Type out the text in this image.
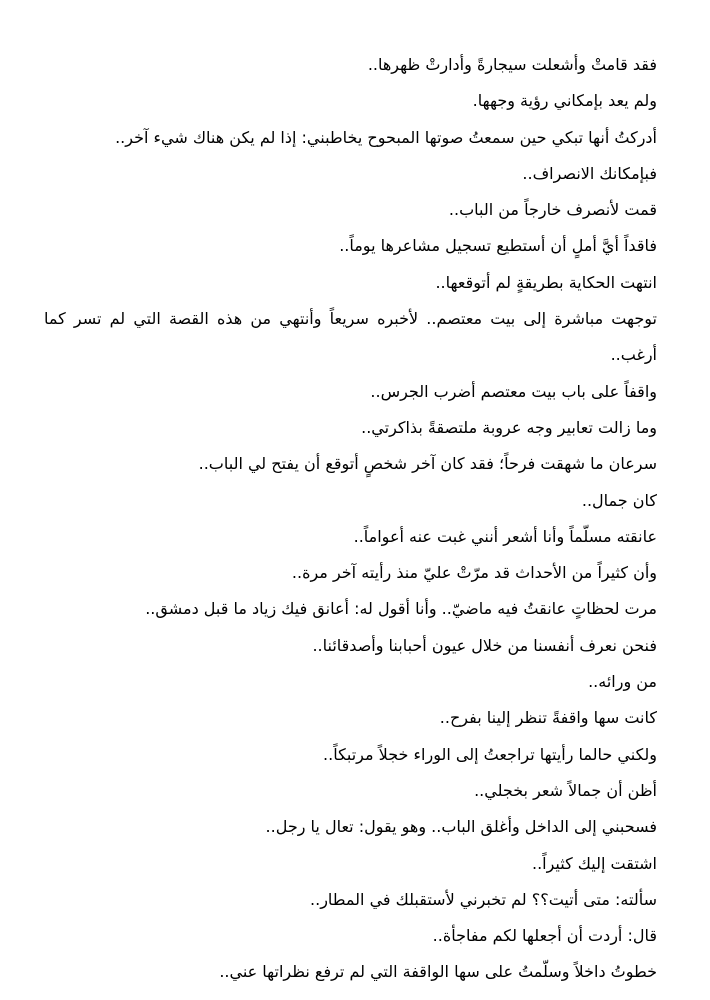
فقد قامتْ وأشعلت سيجارةً وأدارتْ ظهرها..

ولم يعد بإمكاني رؤية وجهها.

أدركتُ أنها تبكي حين سمعتُ صوتها المبحوح يخاطبني: إذا لم يكن هناك شيء آخر..

فبإمكانك الانصراف..

قمت لأنصرف خارجاً من الباب..

فاقداً أيَّ أملٍ أن أستطيع تسجيل مشاعرها يوماً..

انتهت الحكاية بطريقةٍ لم أتوقعها..

توجهت مباشرة إلى بيت معتصم.. لأخبره سريعاً وأنتهي من هذه القصة التي لم تسر كما

أرغب..

واقفاً على باب بيت معتصم أضرب الجرس..

وما زالت تعابير وجه عروبة ملتصقةً بذاكرتي..

سرعان ما شهقت فرحاً؛ فقد كان آخر شخصٍ أتوقع أن يفتح لي الباب..

كان جمال..

عانقته مسلّماً وأنا أشعر أنني غبت عنه أعواماً..

وأن كثيراً من الأحداث قد مرّتْ عليّ منذ رأيته آخر مرة..

مرت لحظاتٍ عانقتُ فيه ماضيّ.. وأنا أقول له: أعانق فيك زياد ما قبل دمشق..

فنحن نعرف أنفسنا من خلال عيون أحبابنا وأصدقائنا..

من ورائه..

كانت سها واقفةً تنظر إلينا بفرح..

ولكني حالما رأيتها تراجعتُ إلى الوراء خجلاً مرتبكاً..

أظن أن جمالاً شعر بخجلي..

فسحبني إلى الداخل وأغلق الباب.. وهو يقول: تعال يا رجل..

اشتقت إليك كثيراً..

سألته: متى أتيت؟؟ لم تخبرني لأستقبلك في المطار..

قال: أردت أن أجعلها لكم مفاجأة..

خطوتُ داخلاً وسلّمتُ على سها الواقفة التي لم ترفع نظراتها عني..
